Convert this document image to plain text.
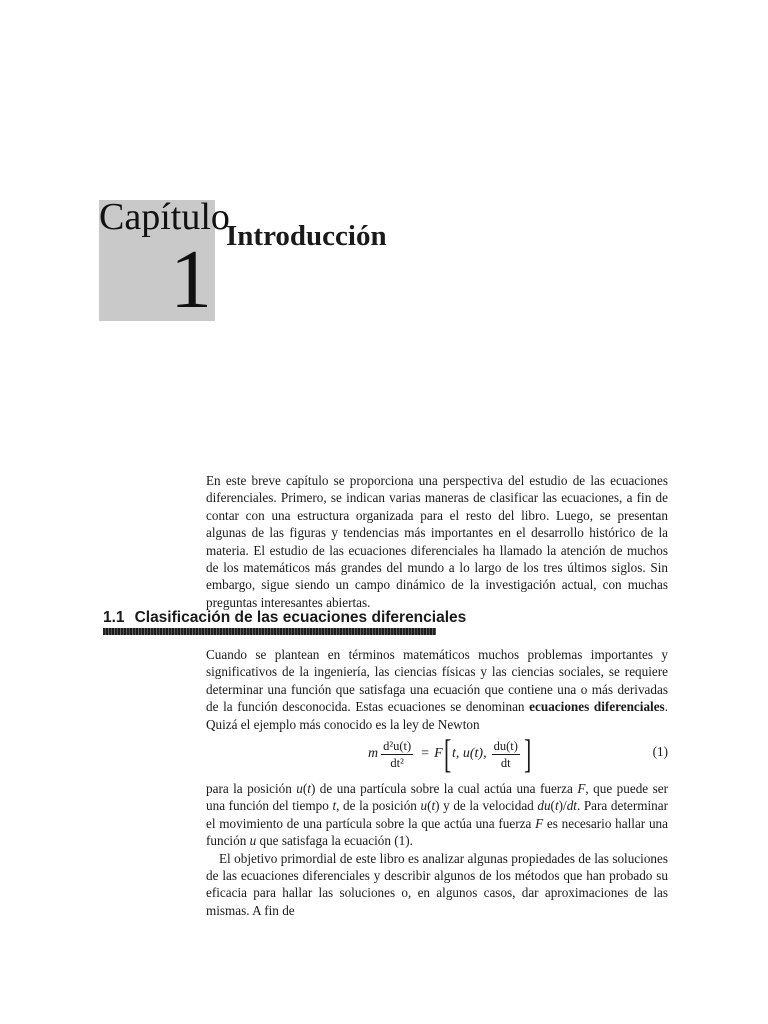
Capítulo
1 Introducción

En este breve capítulo se proporciona una perspectiva del estudio de las ecuaciones diferenciales. Primero, se indican varias maneras de clasificar las ecuaciones, a fin de contar con una estructura organizada para el resto del libro. Luego, se presentan algunas de las figuras y tendencias más importantes en el desarrollo histórico de la materia. El estudio de las ecuaciones diferenciales ha llamado la atención de muchos de los matemáticos más grandes del mundo a lo largo de los tres últimos siglos. Sin embargo, sigue siendo un campo dinámico de la investigación actual, con muchas preguntas interesantes abiertas.

1.1 Clasificación de las ecuaciones diferenciales

Cuando se plantean en términos matemáticos muchos problemas importantes y significativos de la ingeniería, las ciencias físicas y las ciencias sociales, se requiere determinar una función que satisfaga una ecuación que contiene una o más derivadas de la función desconocida. Estas ecuaciones se denominan ecuaciones diferenciales. Quizá el ejemplo más conocido es la ley de Newton

m $\frac{\text{d²u(t)}}{\text{dt²}} = F$ [ t, u(t), $\frac{du(t)}{dt}$ ]	(1)

para la posición u(t) de una partícula sobre la cual actúa una fuerza F, que puede ser una función del tiempo t, de la posición u(t) y de la velocidad du(t)/dt. Para determinar el movimiento de una partícula sobre la que actúa una fuerza F es necesario hallar una función u que satisfaga la ecuación (1).

El objetivo primordial de este libro es analizar algunas propiedades de las soluciones de las ecuaciones diferenciales y describir algunos de los métodos que han probado su eficacia para hallar las soluciones o, en algunos casos, dar aproximaciones de las mismas. A fin de
